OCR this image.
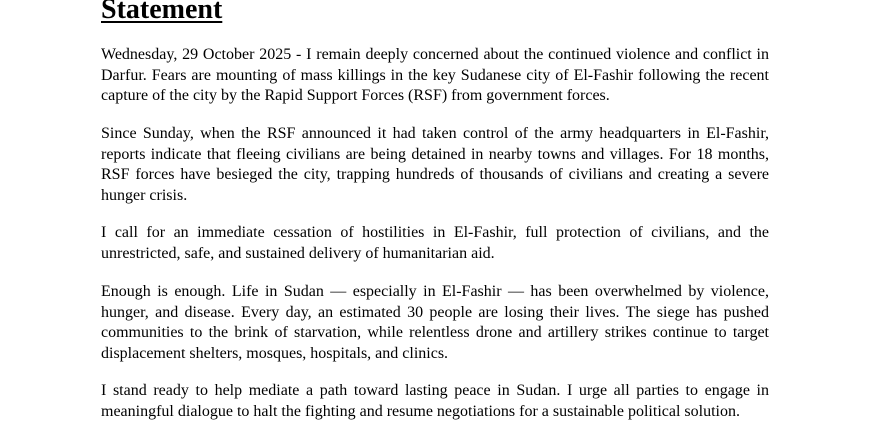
Statement

Wednesday, 29 October 2025 - I remain deeply concerned about the continued violence and conflict in Darfur. Fears are mounting of mass killings in the key Sudanese city of El-Fashir following the recent capture of the city by the Rapid Support Forces (RSF) from government forces.

Since Sunday, when the RSF announced it had taken control of the army headquarters in El-Fashir, reports indicate that fleeing civilians are being detained in nearby towns and villages. For 18 months, RSF forces have besieged the city, trapping hundreds of thousands of civilians and creating a severe hunger crisis.

I call for an immediate cessation of hostilities in El-Fashir, full protection of civilians, and the unrestricted, safe, and sustained delivery of humanitarian aid.

Enough is enough. Life in Sudan — especially in El-Fashir — has been overwhelmed by violence, hunger, and disease. Every day, an estimated 30 people are losing their lives. The siege has pushed communities to the brink of starvation, while relentless drone and artillery strikes continue to target displacement shelters, mosques, hospitals, and clinics.

I stand ready to help mediate a path toward lasting peace in Sudan. I urge all parties to engage in meaningful dialogue to halt the fighting and resume negotiations for a sustainable political solution.
